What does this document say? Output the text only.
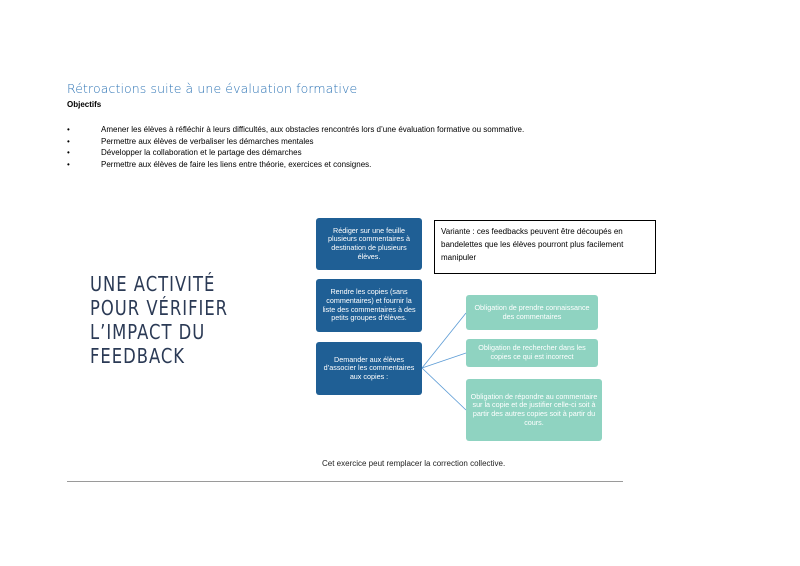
Rétroactions suite à une évaluation formative
Objectifs
•	Amener les élèves à réfléchir à leurs difficultés, aux obstacles rencontrés lors d’une évaluation formative ou sommative.
•	Permettre aux élèves de verbaliser les démarches mentales
•	Développer la collaboration et le partage des démarches
•	Permettre aux élèves de faire les liens entre théorie, exercices et consignes.
UNE ACTIVITÉ
POUR VÉRIFIER
L’IMPACT DU
FEEDBACK
Rédiger sur une feuille plusieurs commentaires à destination de plusieurs élèves.
Rendre les copies (sans commentaires) et fournir la liste des commentaires à des petits groupes d’élèves.
Demander aux élèves d’associer les commentaires aux copies :
Obligation de prendre connaissance des commentaires
Obligation de rechercher dans les copies ce qui est incorrect
Obligation de répondre au commentaire sur la copie et de justifier celle-ci soit à partir des autres copies soit à partir du cours.
Variante : ces feedbacks peuvent être découpés en bandelettes que les élèves pourront plus facilement manipuler
Cet exercice peut remplacer la correction collective.
